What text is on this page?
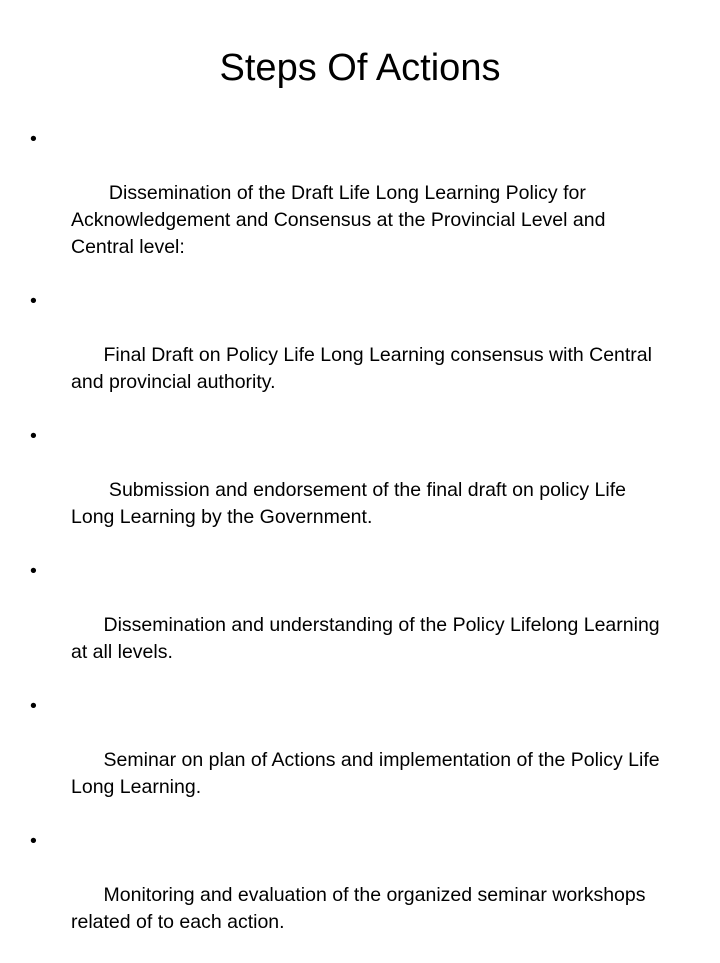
Steps Of Actions

•

Dissemination of the Draft Life Long Learning Policy for Acknowledgement and Consensus at the Provincial Level and Central level:

•

Final Draft on Policy Life Long Learning consensus with Central and provincial authority.

•

Submission and endorsement of the final draft on policy Life Long Learning by the Government.

•

Dissemination and understanding of the Policy Lifelong Learning  at all levels.

•

Seminar on plan of Actions and implementation of the Policy Life Long Learning.

•

Monitoring and evaluation of the organized seminar workshops related of to each action.
